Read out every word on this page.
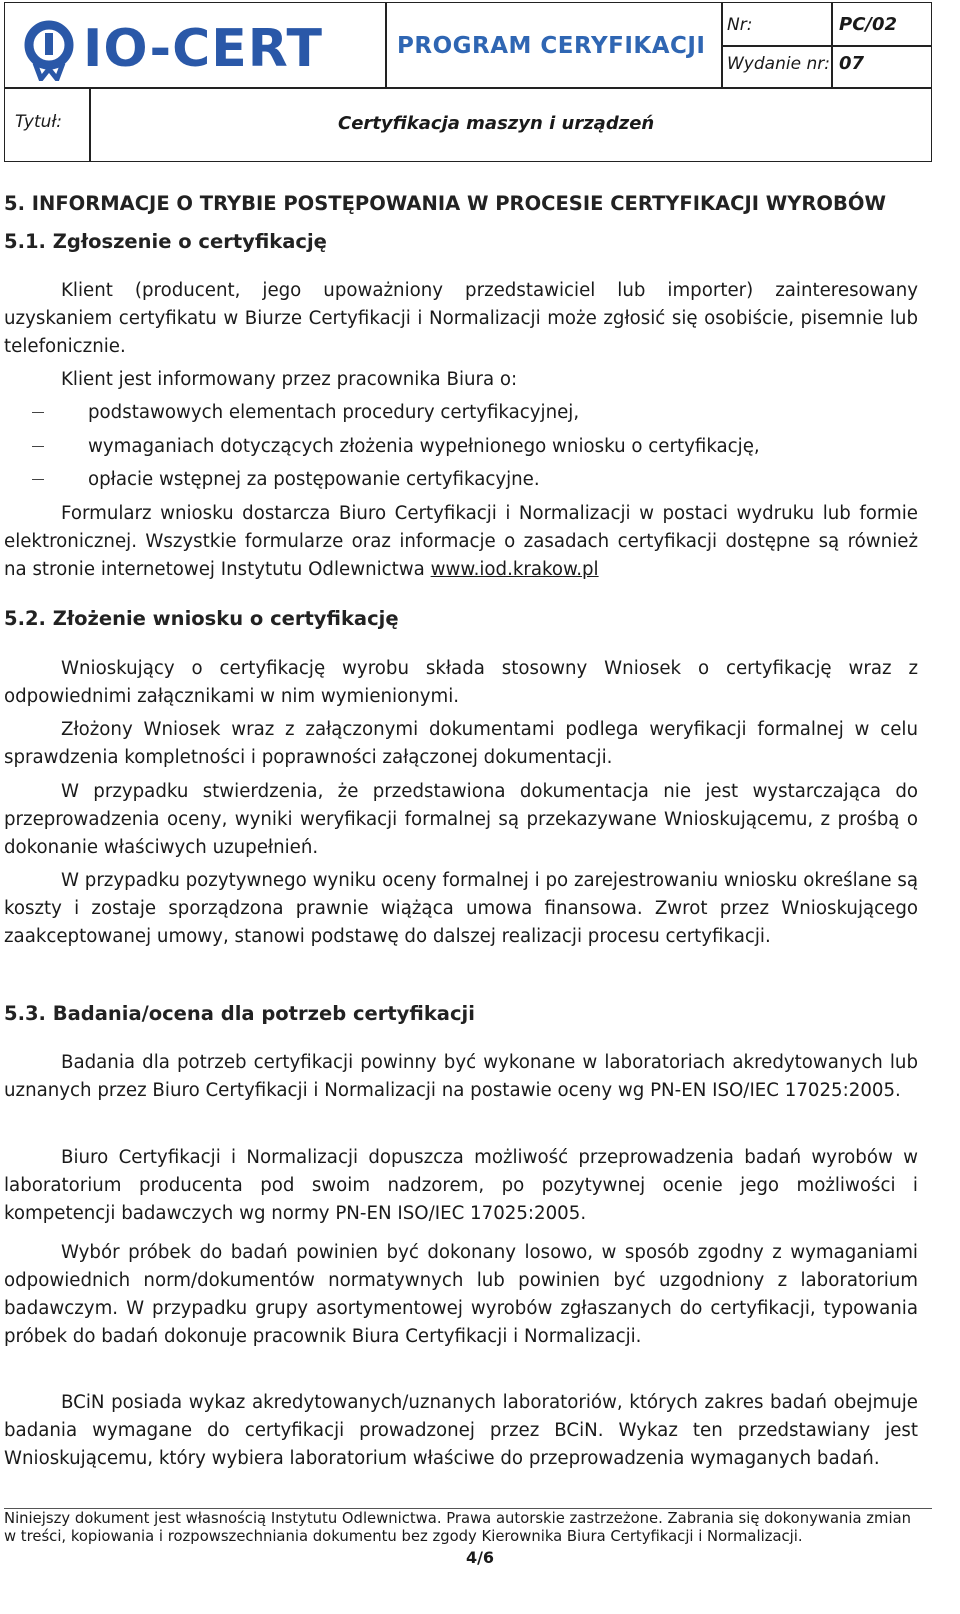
IO-CERT	PROGRAM CERYFIKACJI
Nr:	PC/02
Wydanie nr: 07
Tytuł:	Certyfikacja maszyn i urządzeń
5. INFORMACJE O TRYBIE POSTĘPOWANIA W PROCESIE CERTYFIKACJI WYROBÓW
5.1. Zgłoszenie o certyfikację
Klient (producent, jego upoważniony przedstawiciel lub importer) zainteresowany uzyskaniem certyfikatu w Biurze Certyfikacji i Normalizacji może zgłosić się osobiście, pisemnie lub telefonicznie.
Klient jest informowany przez pracownika Biura o:
podstawowych elementach procedury certyfikacyjnej,
wymaganiach dotyczących złożenia wypełnionego wniosku o certyfikację,
opłacie wstępnej za postępowanie certyfikacyjne.
Formularz wniosku dostarcza Biuro Certyfikacji i Normalizacji w postaci wydruku lub formie elektronicznej. Wszystkie formularze oraz informacje o zasadach certyfikacji dostępne są również na stronie internetowej Instytutu Odlewnictwa www.iod.krakow.pl
5.2. Złożenie wniosku o certyfikację
Wnioskujący o certyfikację wyrobu składa stosowny Wniosek o certyfikację wraz z odpowiednimi załącznikami w nim wymienionymi.
Złożony Wniosek wraz z załączonymi dokumentami podlega weryfikacji formalnej w celu sprawdzenia kompletności i poprawności załączonej dokumentacji.
W przypadku stwierdzenia, że przedstawiona dokumentacja nie jest wystarczająca do przeprowadzenia oceny, wyniki weryfikacji formalnej są przekazywane Wnioskującemu, z prośbą o dokonanie właściwych uzupełnień.
W przypadku pozytywnego wyniku oceny formalnej i po zarejestrowaniu wniosku określane są koszty i zostaje sporządzona prawnie wiążąca umowa finansowa. Zwrot przez Wnioskującego zaakceptowanej umowy, stanowi podstawę do dalszej realizacji procesu certyfikacji.
5.3. Badania/ocena dla potrzeb certyfikacji
Badania dla potrzeb certyfikacji powinny być wykonane w laboratoriach akredytowanych lub uznanych przez Biuro Certyfikacji i Normalizacji na postawie oceny wg PN-EN ISO/IEC 17025:2005.
Biuro Certyfikacji i Normalizacji dopuszcza możliwość przeprowadzenia badań wyrobów w laboratorium producenta pod swoim nadzorem, po pozytywnej ocenie jego możliwości i kompetencji badawczych wg normy PN-EN ISO/IEC 17025:2005.
Wybór próbek do badań powinien być dokonany losowo, w sposób zgodny z wymaganiami odpowiednich norm/dokumentów normatywnych lub powinien być uzgodniony z laboratorium badawczym. W przypadku grupy asortymentowej wyrobów zgłaszanych do certyfikacji, typowania próbek do badań dokonuje pracownik Biura Certyfikacji i Normalizacji.
BCiN posiada wykaz akredytowanych/uznanych laboratoriów, których zakres badań obejmuje badania wymagane do certyfikacji prowadzonej przez BCiN. Wykaz ten przedstawiany jest Wnioskującemu, który wybiera laboratorium właściwe do przeprowadzenia wymaganych badań.
Niniejszy dokument jest własnością Instytutu Odlewnictwa. Prawa autorskie zastrzeżone. Zabrania się dokonywania zmian w treści, kopiowania i rozpowszechniania dokumentu bez zgody Kierownika Biura Certyfikacji i Normalizacji.
4/6
